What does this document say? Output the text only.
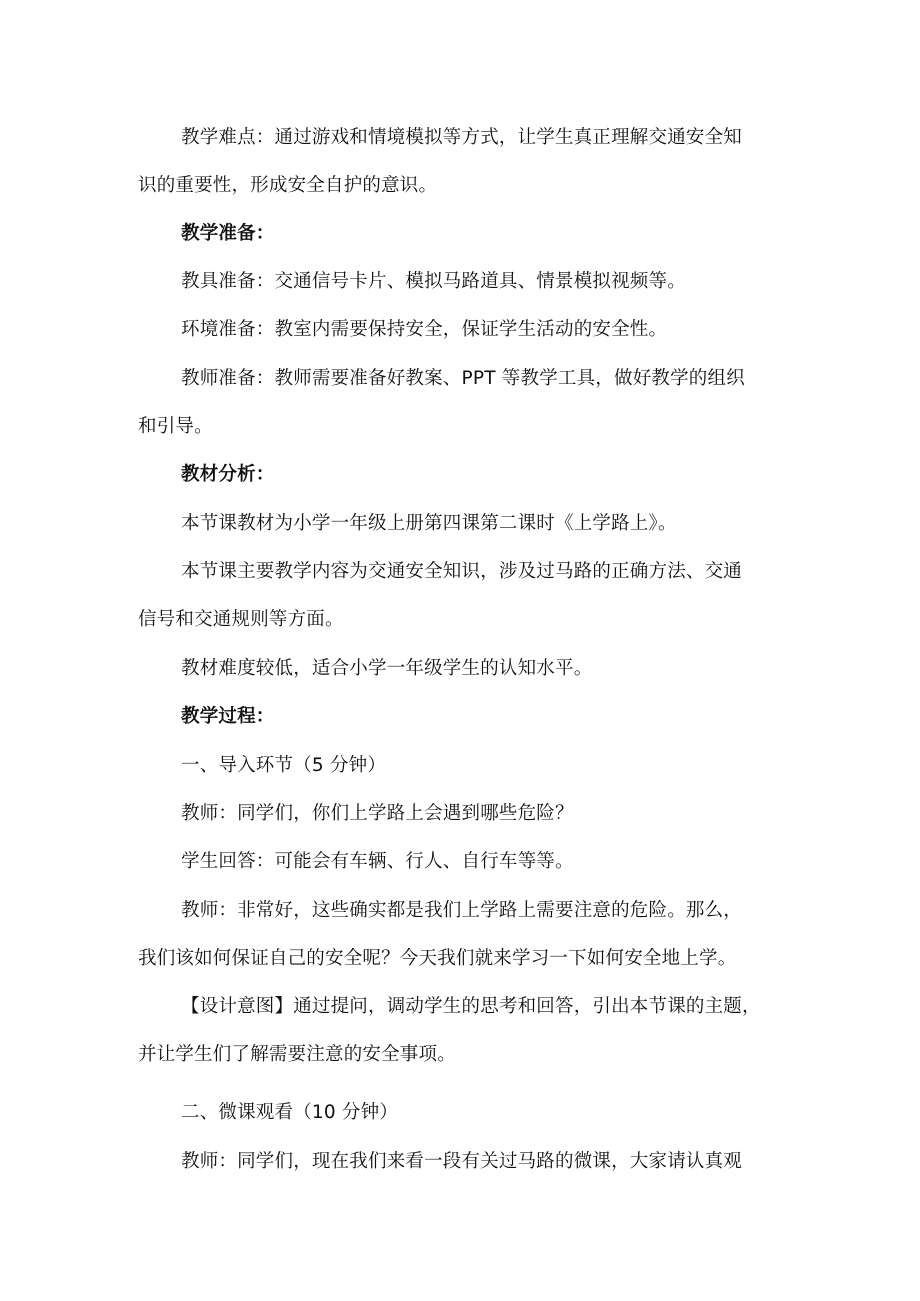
教学难点：通过游戏和情境模拟等方式，让学生真正理解交通安全知
识的重要性，形成安全自护的意识。
教学准备：
教具准备：交通信号卡片、模拟马路道具、情景模拟视频等。
环境准备：教室内需要保持安全，保证学生活动的安全性。
教师准备：教师需要准备好教案、PPT 等教学工具，做好教学的组织
和引导。
教材分析：
本节课教材为小学一年级上册第四课第二课时《上学路上》。
本节课主要教学内容为交通安全知识，涉及过马路的正确方法、交通
信号和交通规则等方面。
教材难度较低，适合小学一年级学生的认知水平。
教学过程：
一、导入环节（5 分钟）
教师：同学们，你们上学路上会遇到哪些危险？
学生回答：可能会有车辆、行人、自行车等等。
教师：非常好，这些确实都是我们上学路上需要注意的危险。那么，
我们该如何保证自己的安全呢？今天我们就来学习一下如何安全地上学。
【设计意图】通过提问，调动学生的思考和回答，引出本节课的主题，
并让学生们了解需要注意的安全事项。
二、微课观看（10 分钟）
教师：同学们，现在我们来看一段有关过马路的微课，大家请认真观
